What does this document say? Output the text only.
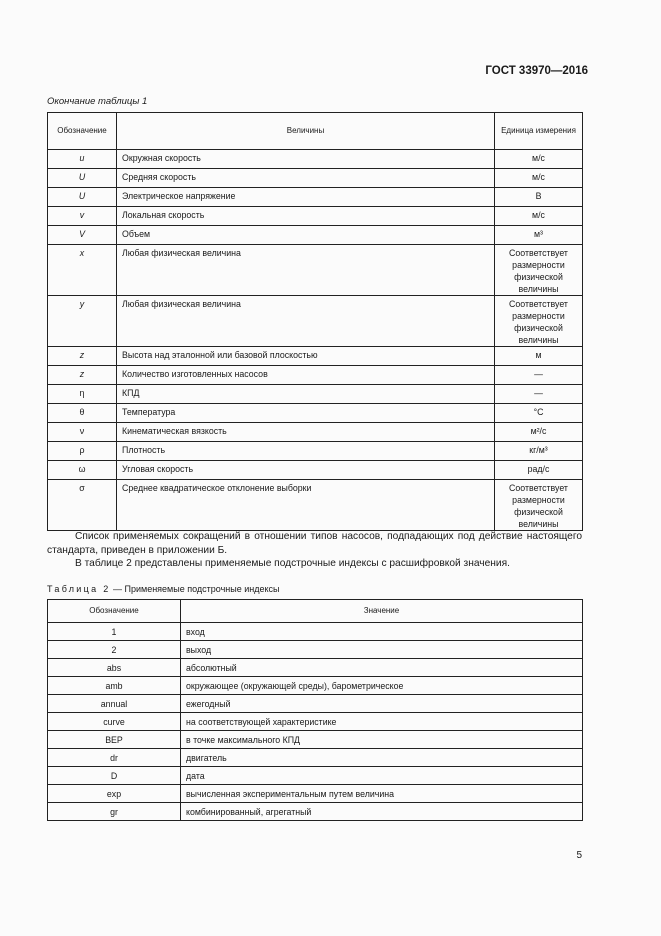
ГОСТ 33970—2016
Окончание таблицы 1
Обозначение	Величины	Единица измерения
u	Окружная скорость	м/с
U	Средняя скорость	м/с
U	Электрическое напряжение	В
v	Локальная скорость	м/с
V	Объем	м³
x	Любая физическая величина	Соответствует размерности физической величины
y	Любая физическая величина	Соответствует размерности физической величины
z	Высота над эталонной или базовой плоскостью	м
z	Количество изготовленных насосов	—
η	КПД	—
θ	Температура	°С
ν	Кинематическая вязкость	м²/с
ρ	Плотность	кг/м³
ω	Угловая скорость	рад/с
σ	Среднее квадратическое отклонение выборки	Соответствует размерности физической величины
Список применяемых сокращений в отношении типов насосов, подпадающих под действие настоящего стандарта, приведен в приложении Б.
В таблице 2 представлены применяемые подстрочные индексы с расшифровкой значения.
Таблица 2 — Применяемые подстрочные индексы
Обозначение	Значение
1	вход
2	выход
abs	абсолютный
amb	окружающее (окружающей среды), барометрическое
annual	ежегодный
curve	на соответствующей характеристике
BEP	в точке максимального КПД
dr	двигатель
D	дата
exp	вычисленная экспериментальным путем величина
gr	комбинированный, агрегатный
5
